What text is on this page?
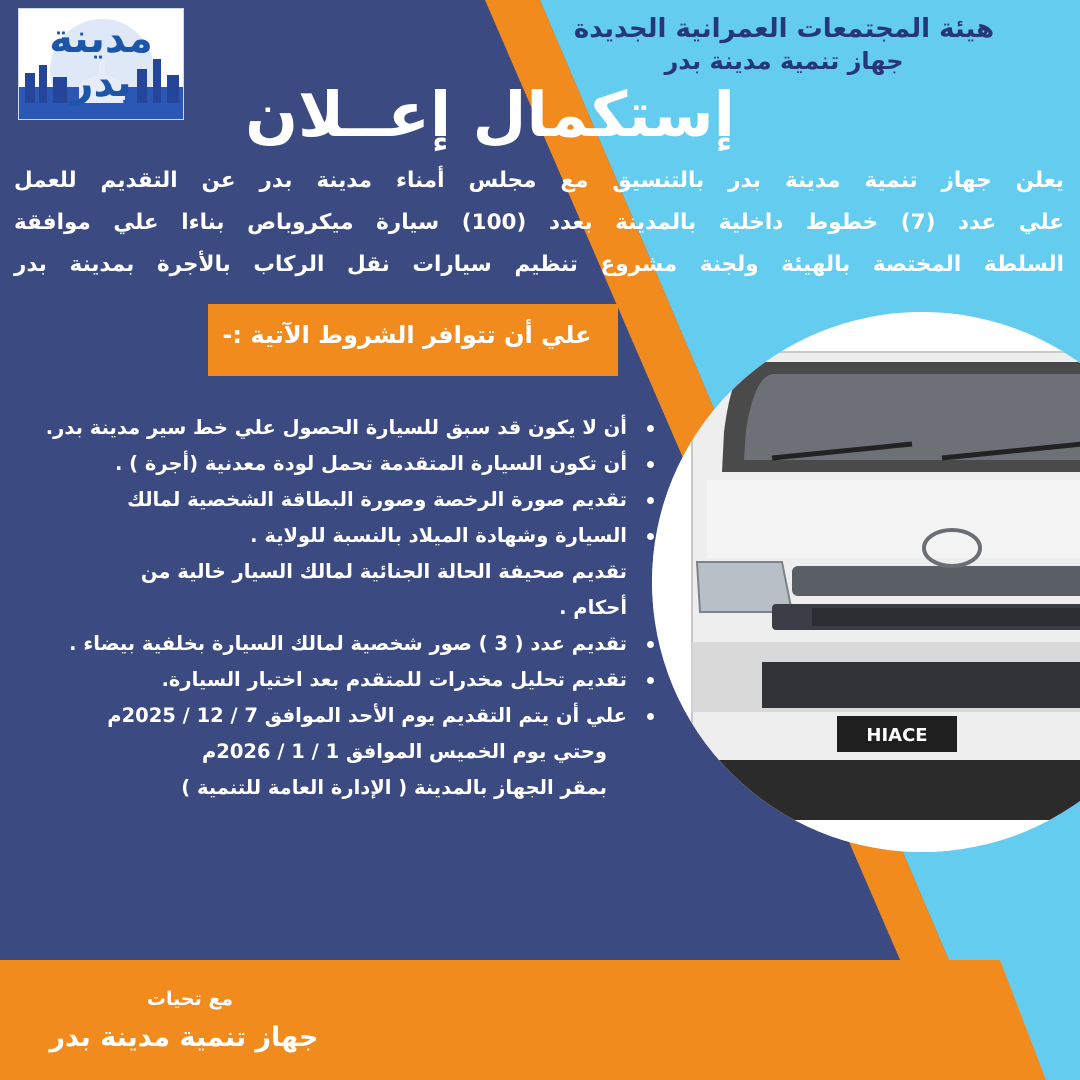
مدينة بدر
هيئة المجتمعات العمرانية الجديدة
جهاز تنمية مدينة بدر
إستكمال إعــلان
يعلن جهاز تنمية مدينة بدر بالتنسيق مع مجلس أمناء مدينة بدر عن التقديم للعمل
علي عدد (7) خطوط داخلية بالمدينة بعدد (100) سيارة ميكروباص بناءا علي موافقة
السلطة المختصة بالهيئة ولجنة مشروع تنظيم سيارات نقل الركاب بالأجرة بمدينة بدر
علي أن تتوافر الشروط الآتية :-
أن لا يكون قد سبق للسيارة الحصول علي خط سير مدينة بدر.
أن تكون السيارة المتقدمة تحمل لودة معدنية (أجرة ) .
تقديم صورة الرخصة وصورة البطاقة الشخصية لمالك
السيارة وشهادة الميلاد بالنسبة للولاية .
تقديم صحيفة الحالة الجنائية لمالك السيار خالية من
أحكام .
تقديم عدد ( 3 ) صور شخصية لمالك السيارة بخلفية بيضاء .
تقديم تحليل مخدرات للمتقدم بعد اختيار السيارة.
علي أن يتم التقديم يوم الأحد الموافق 7 / 12 / 2025م
وحتي يوم الخميس الموافق 1 / 1 / 2026م
بمقر الجهاز بالمدينة ( الإدارة العامة للتنمية )
HIACE
مع تحيات
جهاز تنمية مدينة بدر
